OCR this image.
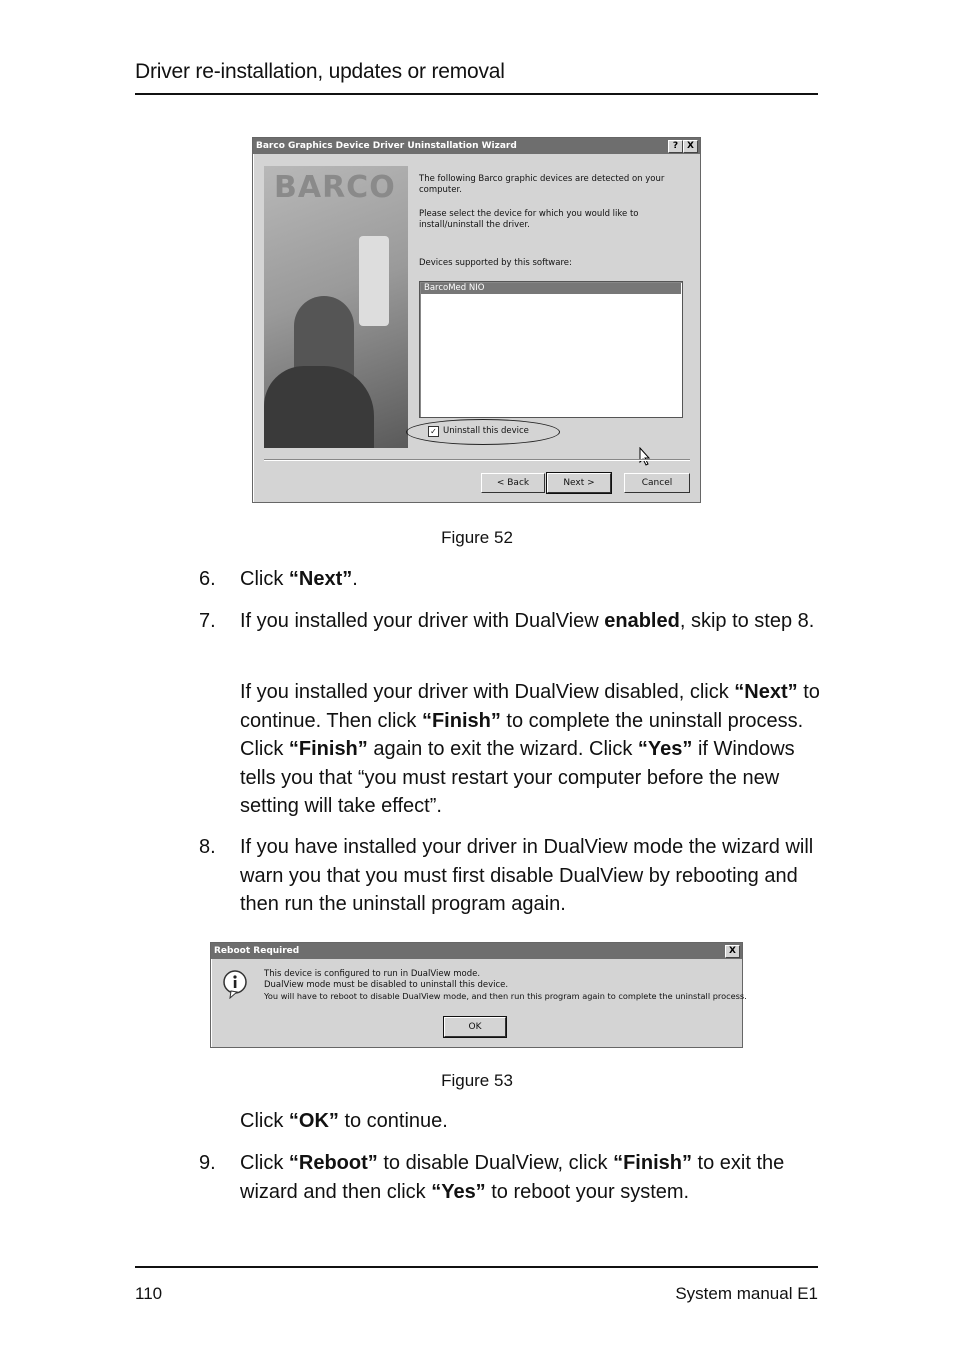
Driver re-installation, updates or removal
Barco Graphics Device Driver Uninstallation Wizard	? X
BARCO	The following Barco graphic devices are detected on your computer.
Please select the device for which you would like to install/uninstall the driver.
Devices supported by this software:
BarcoMed NIO
✓ Uninstall this device
< Back	Next >	Cancel
Figure 52
6.	Click “Next”.
7.	If you installed your driver with DualView enabled, skip to step 8.
If you installed your driver with DualView disabled, click “Next” to continue. Then click “Finish” to complete the uninstall process. Click “Finish” again to exit the wizard. Click “Yes” if Windows tells you that “you must restart your computer before the new setting will take effect”.
8.	If you have installed your driver in DualView mode the wizard will warn you that you must first disable DualView by rebooting and then run the uninstall program again.
Reboot Required	X
This device is configured to run in DualView mode.
DualView mode must be disabled to uninstall this device.
You will have to reboot to disable DualView mode, and then run this program again to complete the uninstall process.
OK
Figure 53
Click “OK” to continue.
9.	Click “Reboot” to disable DualView, click “Finish” to exit the wizard and then click “Yes” to reboot your system.
110	System manual E1
